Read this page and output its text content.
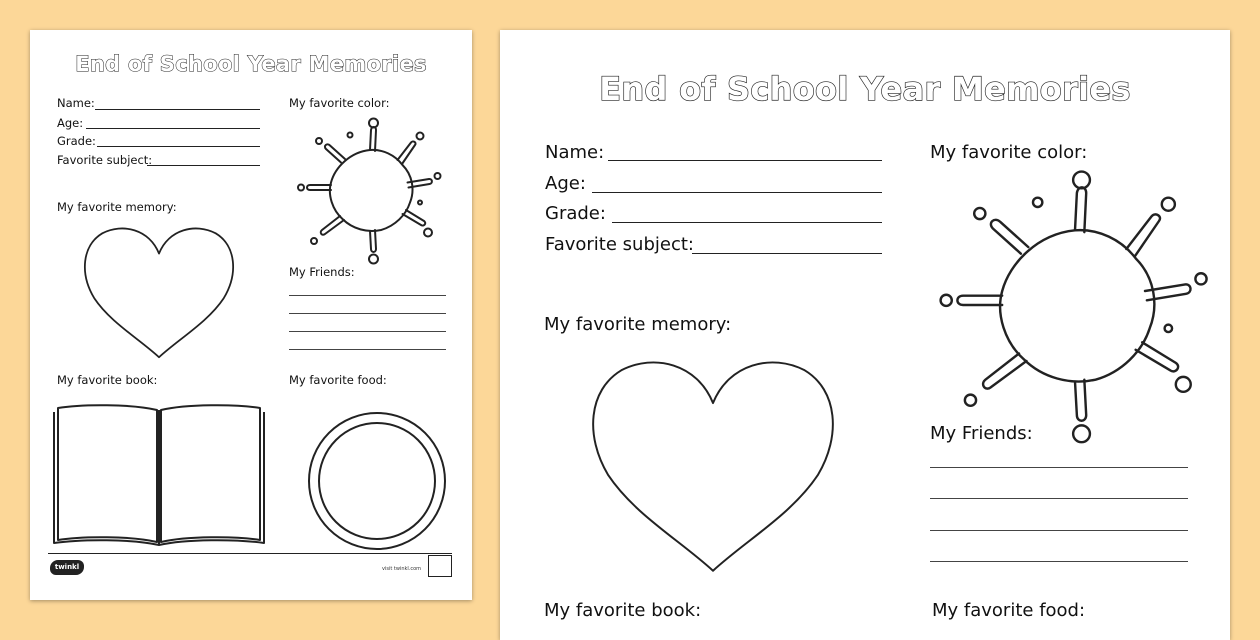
End of School Year Memories
Name:
Age:
Grade:
Favorite subject:
My favorite color:
My favorite memory:
My Friends:
My favorite book:	My favorite food:
twinkl	visit twinkl.com
End of School Year Memories
Name:
Age:
Grade:
Favorite subject:
My favorite color:
My favorite memory:
My Friends:
My favorite book:	My favorite food:
